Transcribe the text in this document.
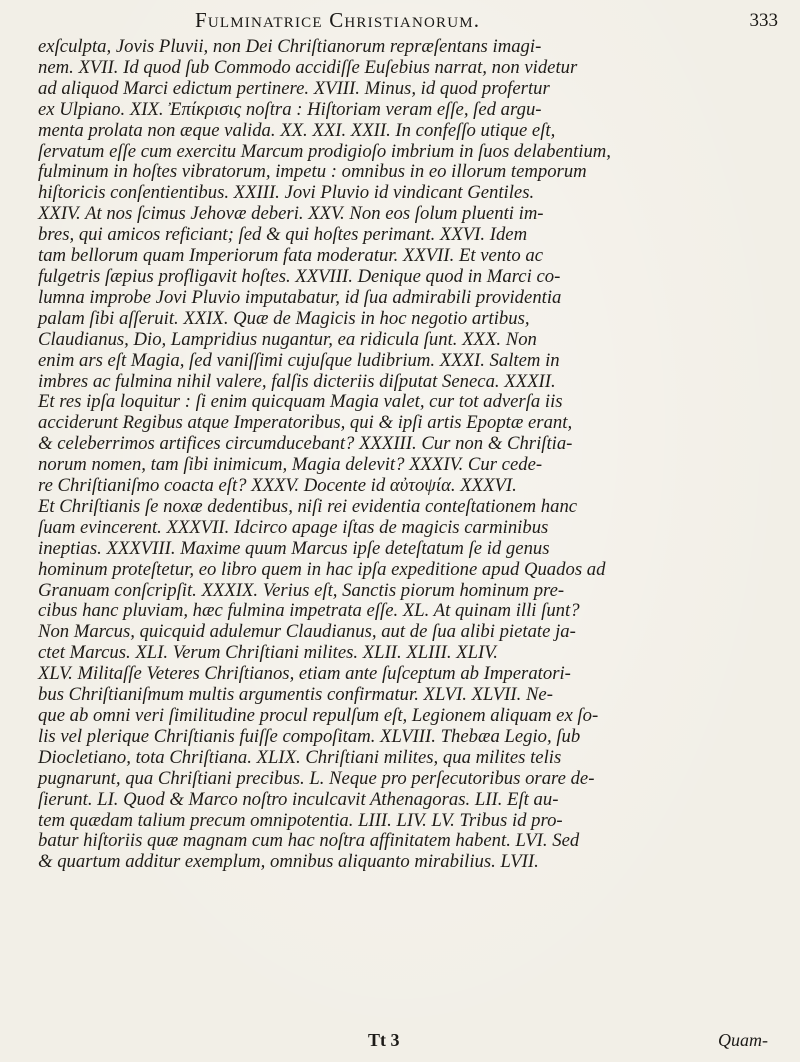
Fulminatrice Christianorum.	333
exſculpta, Jovis Pluvii, non Dei Chriſtianorum repræſentans imagi-
nem. XVII. Id quod ſub Commodo accidiſſe Euſebius narrat, non videtur
ad aliquod Marci edictum pertinere. XVIII. Minus, id quod profertur
ex Ulpiano. XIX. Ἐπίκρισις noſtra : Hiſtoriam veram eſſe, ſed argu-
menta prolata non æque valida. XX. XXI. XXII. In confeſſo utique eſt,
ſervatum eſſe cum exercitu Marcum prodigioſo imbrium in ſuos delabentium,
fulminum in hoſtes vibratorum, impetu : omnibus in eo illorum temporum
hiſtoricis conſentientibus. XXIII. Jovi Pluvio id vindicant Gentiles.
XXIV. At nos ſcimus Jehovæ deberi. XXV. Non eos ſolum pluenti im-
bres, qui amicos reficiant; ſed & qui hoſtes perimant. XXVI. Idem
tam bellorum quam Imperiorum fata moderatur. XXVII. Et vento ac
fulgetris ſæpius profligavit hoſtes. XXVIII. Denique quod in Marci co-
lumna improbe Jovi Pluvio imputabatur, id ſua admirabili providentia
palam ſibi aſſeruit. XXIX. Quæ de Magicis in hoc negotio artibus,
Claudianus, Dio, Lampridius nugantur, ea ridicula ſunt. XXX. Non
enim ars eſt Magia, ſed vaniſſimi cujuſque ludibrium. XXXI. Saltem in
imbres ac fulmina nihil valere, falſis dicteriis diſputat Seneca. XXXII.
Et res ipſa loquitur : ſi enim quicquam Magia valet, cur tot adverſa iis
acciderunt Regibus atque Imperatoribus, qui & ipſi artis Epoptæ erant,
& celeberrimos artifices circumducebant? XXXIII. Cur non & Chriſtia-
norum nomen, tam ſibi inimicum, Magia delevit? XXXIV. Cur cede-
re Chriſtianiſmo coacta eſt? XXXV. Docente id αὐτοψία. XXXVI.
Et Chriſtianis ſe noxæ dedentibus, niſi rei evidentia conteſtationem hanc
ſuam evincerent. XXXVII. Idcirco apage iſtas de magicis carminibus
ineptias. XXXVIII. Maxime quum Marcus ipſe deteſtatum ſe id genus
hominum proteſtetur, eo libro quem in hac ipſa expeditione apud Quados ad
Granuam conſcripſit. XXXIX. Verius eſt, Sanctis piorum hominum pre-
cibus hanc pluviam, hæc fulmina impetrata eſſe. XL. At quinam illi ſunt?
Non Marcus, quicquid adulетur Claudianus, aut de ſua alibi pietate ja-
ctet Marcus. XLI. Verum Chriſtiani milites. XLII. XLIII. XLIV.
XLV. Militaſſe Veteres Chriſtianos, etiam ante ſuſceptum ab Imperatori-
bus Chriſtianiſmum multis argumentis confirmatur. XLVI. XLVII. Ne-
que ab omni veri ſimilitudine procul repulſum eſt, Legionem aliquam ex ſo-
lis vel plerique Chriſtianis fuiſſe compoſitam. XLVIII. Thebæa Legio, ſub
Diocletiano, tota Chriſtiana. XLIX. Chriſtiani milites, qua milites telis
pugnarunt, qua Chriſtiani precibus. L. Neque pro perſecutoribus orare de-
ſierunt. LI. Quod & Marco noſtro inculcavit Athenagoras. LII. Eſt au-
tem quædam talium precum omnipotentia. LIII. LIV. LV. Tribus id pro-
batur hiſtoriis quæ magnam cum hac noſtra affinitatem habent. LVI. Sed
& quartum additur exemplum, omnibus aliquanto mirabilius. LVII.
Tt 3	Quam-
